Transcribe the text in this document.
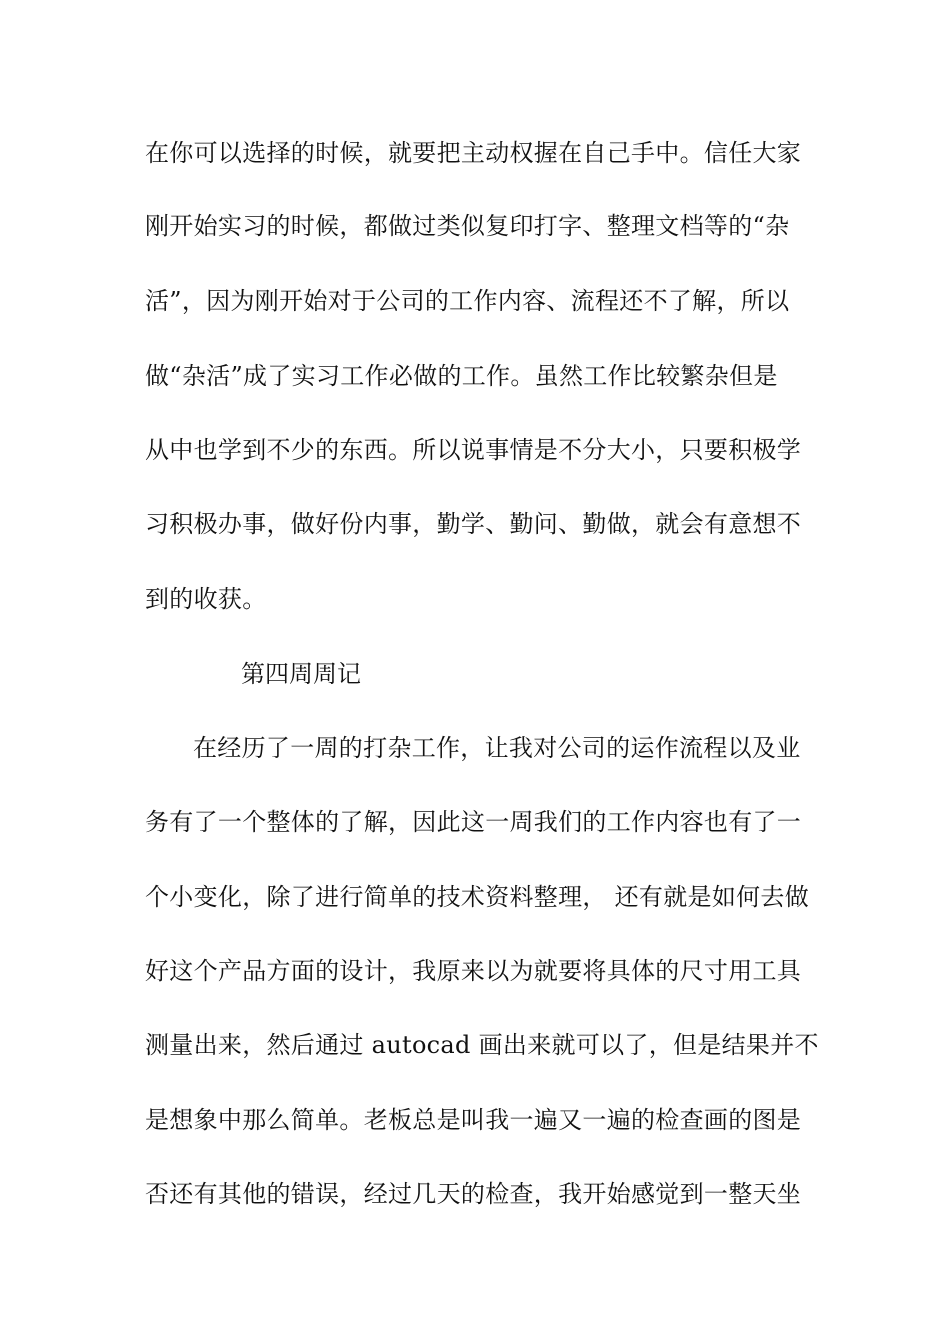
在你可以选择的时候，就要把主动权握在自己手中。信任大家
刚开始实习的时候，都做过类似复印打字、整理文档等的“杂
活”，因为刚开始对于公司的工作内容、流程还不了解，所以
做“杂活”成了实习工作必做的工作。虽然工作比较繁杂但是
从中也学到不少的东西。所以说事情是不分大小，只要积极学
习积极办事，做好份内事，勤学、勤问、勤做，就会有意想不
到的收获。
第四周周记
在经历了一周的打杂工作，让我对公司的运作流程以及业
务有了一个整体的了解，因此这一周我们的工作内容也有了一
个小变化，除了进行简单的技术资料整理， 还有就是如何去做
好这个产品方面的设计，我原来以为就要将具体的尺寸用工具
测量出来，然后通过 autocad 画出来就可以了，但是结果并不
是想象中那么简单。老板总是叫我一遍又一遍的检查画的图是
否还有其他的错误，经过几天的检查，我开始感觉到一整天坐
